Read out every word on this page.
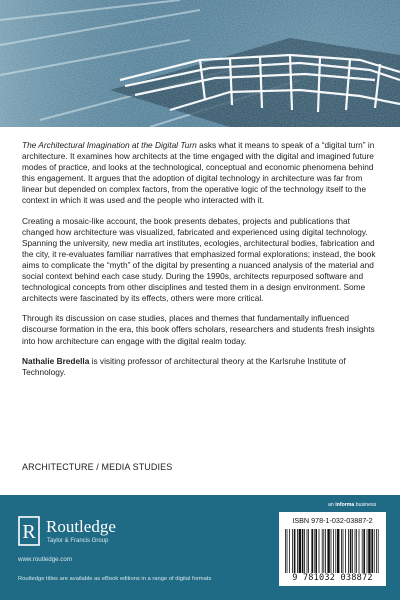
The Architectural Imagination at the Digital Turn asks what it means to speak of a “digital turn” in architecture. It examines how architects at the time engaged with the digital and imagined future modes of practice, and looks at the technological, conceptual and economic phenomena behind this engagement. It argues that the adoption of digital technology in architecture was far from linear but depended on complex factors, from the operative logic of the technology itself to the context in which it was used and the people who interacted with it.

Creating a mosaic-like account, the book presents debates, projects and publications that changed how architecture was visualized, fabricated and experienced using digital technology. Spanning the university, new media art institutes, ecologies, architectural bodies, fabrication and the city, it re-evaluates familiar narratives that emphasized formal explorations; instead, the book aims to complicate the “myth” of the digital by presenting a nuanced analysis of the material and social context behind each case study. During the 1990s, architects repurposed software and technological concepts from other disciplines and tested them in a design environment. Some architects were fascinated by its effects, others were more critical.

Through its discussion on case studies, places and themes that fundamentally influenced discourse formation in the era, this book offers scholars, researchers and students fresh insights into how architecture can engage with the digital realm today.

Nathalie Bredella is visiting professor of architectural theory at the Karlsruhe Institute of Technology.

ARCHITECTURE / MEDIA STUDIES
R Routledge
Taylor & Francis Group
www.routledge.com
Routledge titles are available as eBook editions in a range of digital formats
an informa business
ISBN 978-1-032-03887-2
9 781032 038872
